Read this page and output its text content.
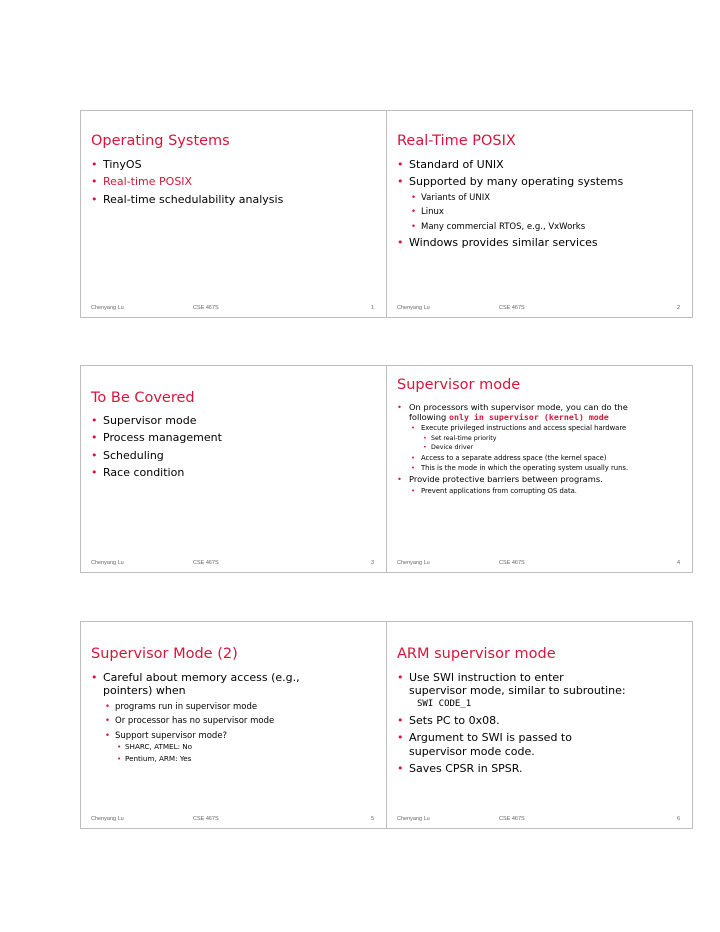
Operating Systems
• TinyOS
• Real-time POSIX
• Real-time schedulability analysis
Chenyang Lu	CSE 467S	1
Real-Time POSIX
• Standard of UNIX
• Supported by many operating systems
• Variants of UNIX
• Linux
• Many commercial RTOS, e.g., VxWorks
• Windows provides similar services
Chenyang Lu	CSE 467S	2
To Be Covered
• Supervisor mode
• Process management
• Scheduling
• Race condition
Chenyang Lu	CSE 467S	3
Supervisor mode
• On processors with supervisor mode, you can do the
following only in supervisor (kernel) mode
• Execute privileged instructions and access special hardware
• Set real-time priority
• Device driver
• Access to a separate address space (the kernel space)
• This is the mode in which the operating system usually runs.
• Provide protective barriers between programs.
• Prevent applications from corrupting OS data.
Chenyang Lu	CSE 467S	4
Supervisor Mode (2)
• Careful about memory access (e.g.,
pointers) when
• programs run in supervisor mode
• Or processor has no supervisor mode
• Support supervisor mode?
• SHARC, ATMEL: No
• Pentium, ARM: Yes
Chenyang Lu	CSE 467S	5
ARM supervisor mode
• Use SWI instruction to enter
supervisor mode, similar to subroutine:
SWI CODE_1
• Sets PC to 0x08.
• Argument to SWI is passed to
supervisor mode code.
• Saves CPSR in SPSR.
Chenyang Lu	CSE 467S	6
